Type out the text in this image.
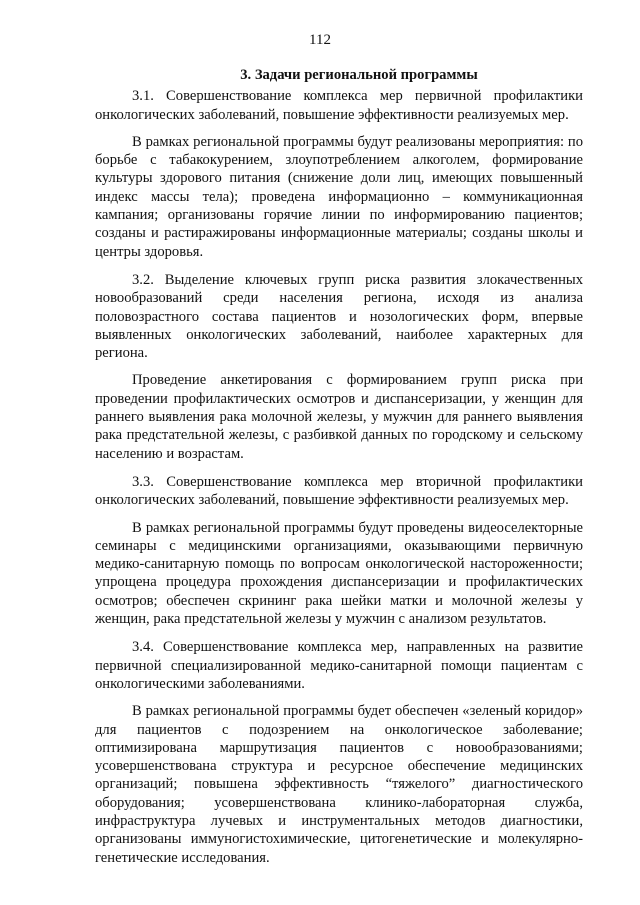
112
3. Задачи региональной программы

3.1. Совершенствование комплекса мер первичной профилактики онкологических заболеваний, повышение эффективности реализуемых мер.

В рамках региональной программы будут реализованы мероприятия: по борьбе с табакокурением, злоупотреблением алкоголем, формирование культуры здорового питания (снижение доли лиц, имеющих повышенный индекс массы тела); проведена информационно – коммуникационная кампания; организованы горячие линии по информированию пациентов; созданы и растиражированы информационные материалы; созданы школы и центры здоровья.

3.2. Выделение ключевых групп риска развития злокачественных новообразований среди населения региона, исходя из анализа половозрастного состава пациентов и нозологических форм, впервые выявленных онкологических заболеваний, наиболее характерных для региона.

Проведение анкетирования с формированием групп риска при проведении профилактических осмотров и диспансеризации, у женщин для раннего выявления рака молочной железы, у мужчин для раннего выявления рака предстательной железы, с разбивкой данных по городскому и сельскому населению и возрастам.

3.3. Совершенствование комплекса мер вторичной профилактики онкологических заболеваний, повышение эффективности реализуемых мер.

В рамках региональной программы будут проведены видеоселекторные семинары с медицинскими организациями, оказывающими первичную медико-санитарную помощь по вопросам онкологической настороженности; упрощена процедура прохождения диспансеризации и профилактических осмотров; обеспечен скрининг рака шейки матки и молочной железы у женщин, рака предстательной железы у мужчин с анализом результатов.

3.4. Совершенствование комплекса мер, направленных на развитие первичной специализированной медико-санитарной помощи пациентам с онкологическими заболеваниями.

В рамках региональной программы будет обеспечен «зеленый коридор» для пациентов с подозрением на онкологическое заболевание; оптимизирована маршрутизация пациентов с новообразованиями; усовершенствована структура и ресурсное обеспечение медицинских организаций; повышена эффективность “тяжелого” диагностического оборудования; усовершенствована клинико-лабораторная служба, инфраструктура лучевых и инструментальных методов диагностики, организованы иммуногистохимические, цитогенетические и молекулярно-генетические исследования.
